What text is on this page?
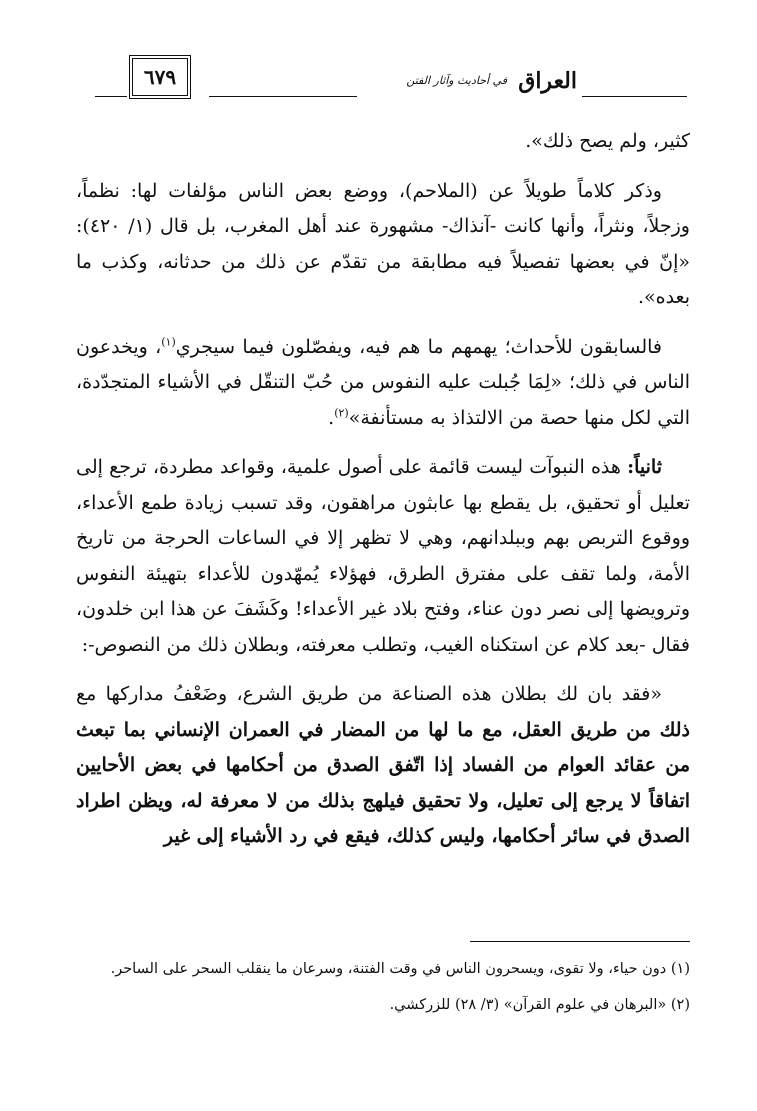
العراق
في أحاديث وآثار الفتن
٦٧٩

كثير، ولم يصح ذلك».

وذكر كلاماً طويلاً عن (الملاحم)، ووضع بعض الناس مؤلفات لها: نظماً، وزجلاً، ونثراً، وأنها كانت -آنذاك- مشهورة عند أهل المغرب، بل قال (١/ ٤٢٠): «إنّ في بعضها تفصيلاً فيه مطابقة من تقدّم عن ذلك من حدثانه، وكذب ما بعده».

فالسابقون للأحداث؛ يهمهم ما هم فيه، ويفصّلون فيما سيجري$^{(١)}$، ويخدعون الناس في ذلك؛ «لِمَا جُبلت عليه النفوس من حُبّ التنقّل في الأشياء المتجدّدة، التي لكل منها حصة من الالتذاذ به مستأنفة»$^{(٢)}$.

ثانياً: هذه النبوآت ليست قائمة على أصول علمية، وقواعد مطردة، ترجع إلى تعليل أو تحقيق، بل يقطع بها عابثون مراهقون، وقد تسبب زيادة طمع الأعداء، ووقوع التربص بهم وببلدانهم، وهي لا تظهر إلا في الساعات الحرجة من تاريخ الأمة، ولما تقف على مفترق الطرق، فهؤلاء يُمهّدون للأعداء بتهيئة النفوس وترويضها إلى نصر دون عناء، وفتح بلاد غير الأعداء! وكَشَفَ عن هذا ابن خلدون، فقال -بعد كلام عن استكناه الغيب، وتطلب معرفته، وبطلان ذلك من النصوص-:

«فقد بان لك بطلان هذه الصناعة من طريق الشرع، وضَعْفُ مداركها مع ذلك من طريق العقل، مع ما لها من المضار في العمران الإنساني بما تبعث من عقائد العوام من الفساد إذا اتّفق الصدق من أحكامها في بعض الأحايين اتفاقاً لا يرجع إلى تعليل، ولا تحقيق فيلهج بذلك من لا معرفة له، ويظن اطراد الصدق في سائر أحكامها، وليس كذلك، فيقع في رد الأشياء إلى غير

(١) دون حياء، ولا تقوى، ويسحرون الناس في وقت الفتنة، وسرعان ما ينقلب السحر على الساحر.

(٢) «البرهان في علوم القرآن» (٣/ ٢٨) للزركشي.
